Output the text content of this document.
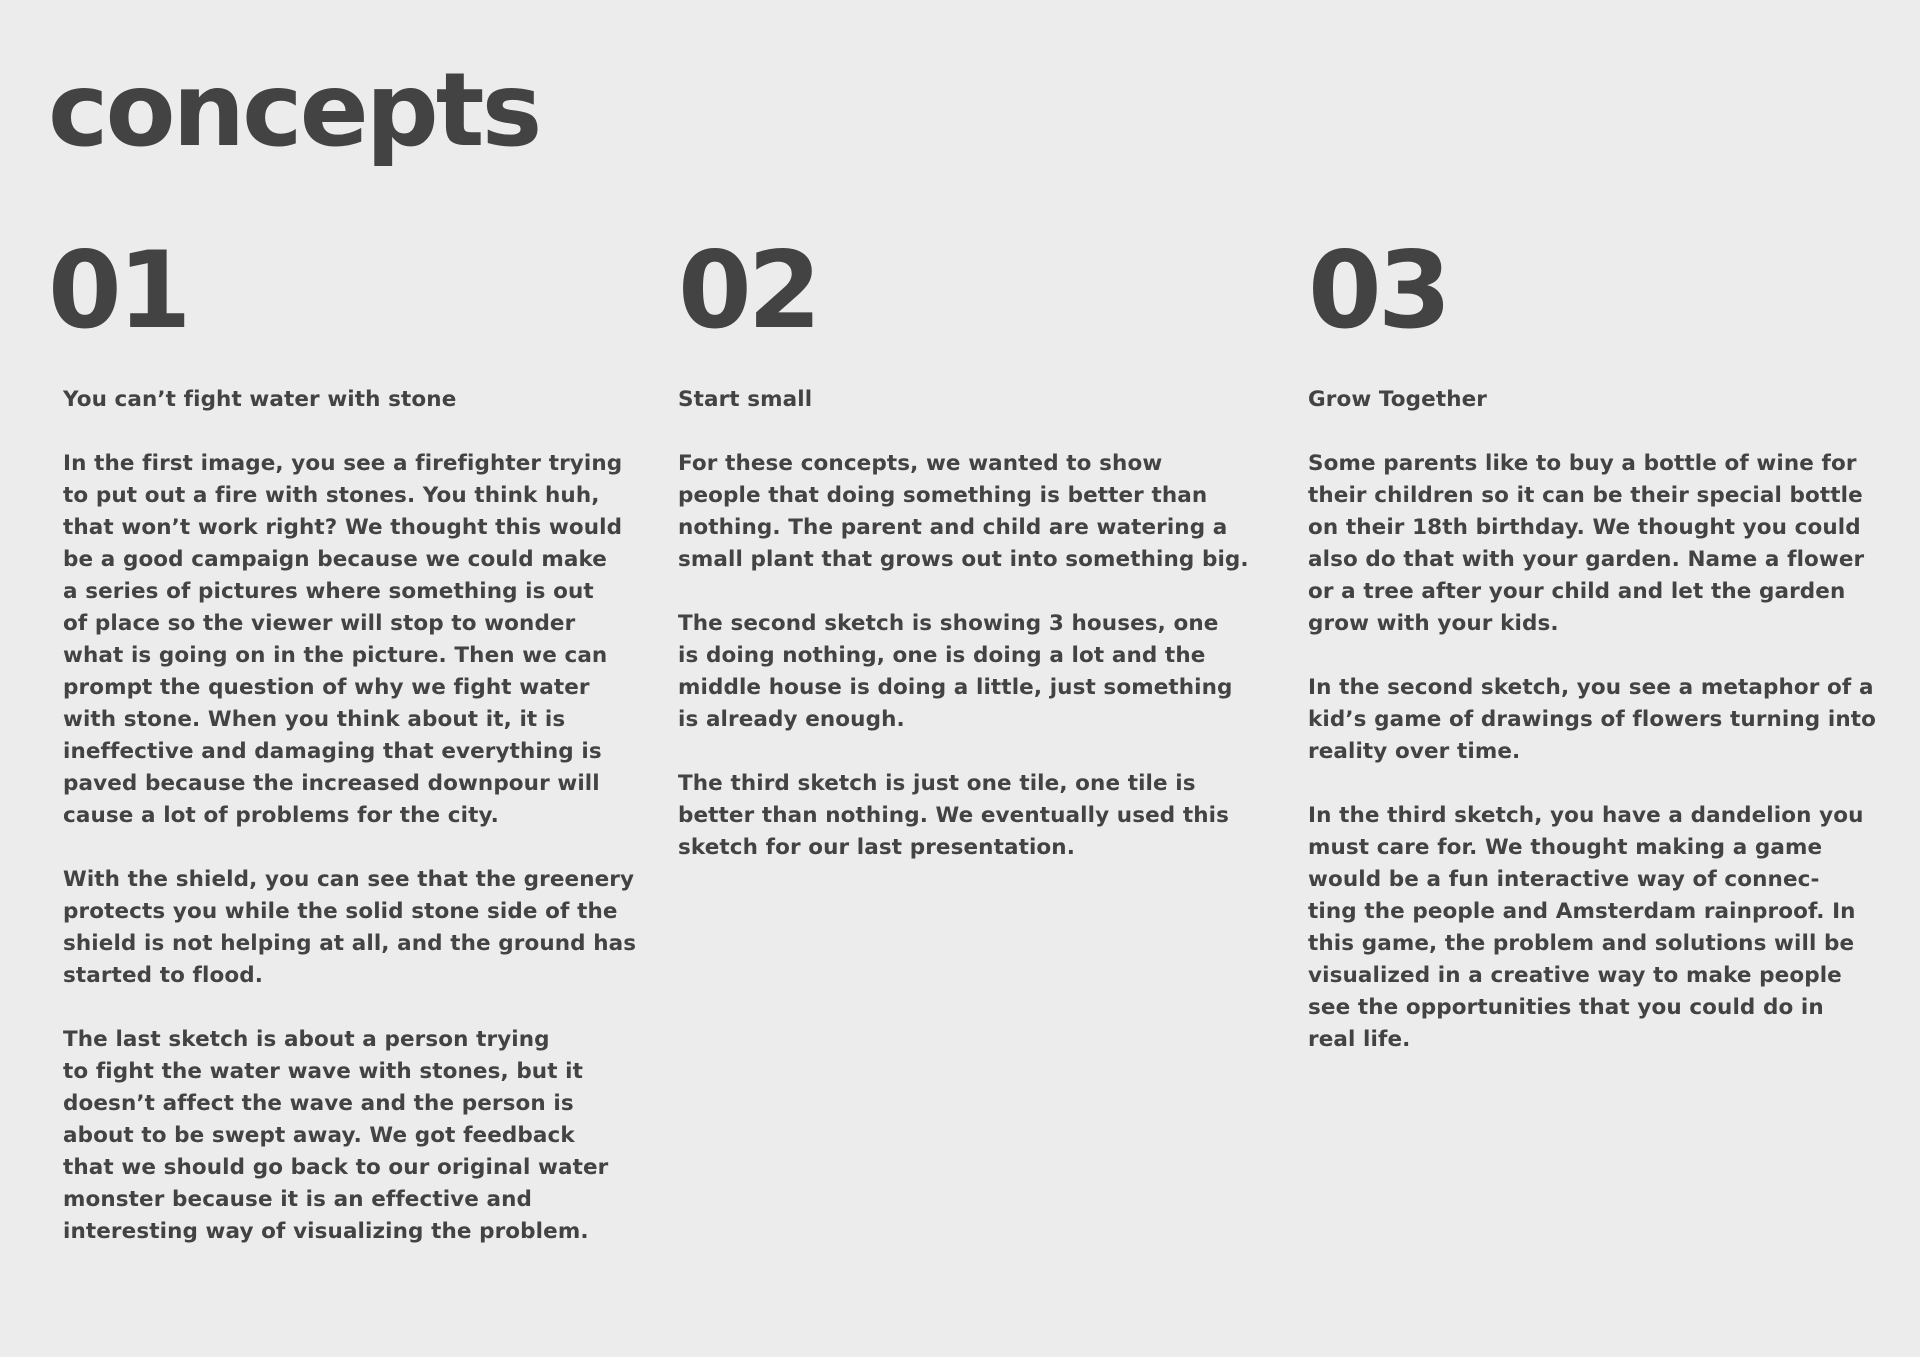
concepts
01
You can’t fight water with stone

In the first image, you see a firefighter trying
to put out a fire with stones. You think huh,
that won’t work right? We thought this would
be a good campaign because we could make
a series of pictures where something is out
of place so the viewer will stop to wonder
what is going on in the picture. Then we can
prompt the question of why we fight water
with stone. When you think about it, it is
ineffective and damaging that everything is
paved because the increased downpour will
cause a lot of problems for the city.

With the shield, you can see that the greenery
protects you while the solid stone side of the
shield is not helping at all, and the ground has
started to flood.

The last sketch is about a person trying
to fight the water wave with stones, but it
doesn’t affect the wave and the person is
about to be swept away. We got feedback
that we should go back to our original water
monster because it is an effective and
interesting way of visualizing the problem.

02
Start small

For these concepts, we wanted to show
people that doing something is better than
nothing. The parent and child are watering a
small plant that grows out into something big.

The second sketch is showing 3 houses, one
is doing nothing, one is doing a lot and the
middle house is doing a little, just something
is already enough.

The third sketch is just one tile, one tile is
better than nothing. We eventually used this
sketch for our last presentation.

03
Grow Together

Some parents like to buy a bottle of wine for
their children so it can be their special bottle
on their 18th birthday. We thought you could
also do that with your garden. Name a flower
or a tree after your child and let the garden
grow with your kids.

In the second sketch, you see a metaphor of a
kid’s game of drawings of flowers turning into
reality over time.

In the third sketch, you have a dandelion you
must care for. We thought making a game
would be a fun interactive way of connec-
ting the people and Amsterdam rainproof. In
this game, the problem and solutions will be
visualized in a creative way to make people
see the opportunities that you could do in
real life.
